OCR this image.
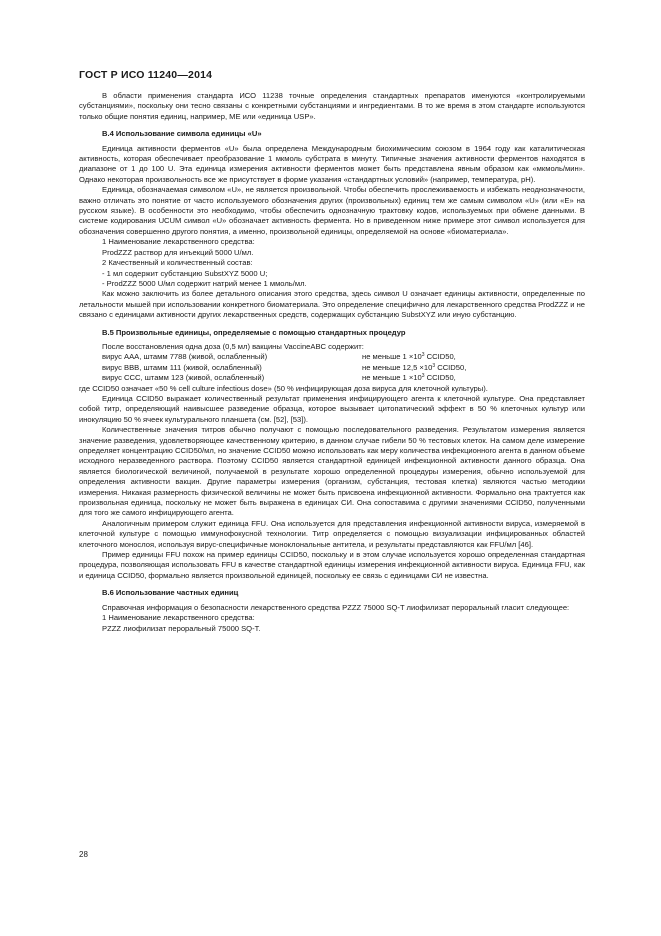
ГОСТ Р ИСО 11240—2014

В области применения стандарта ИСО 11238 точные определения стандартных препаратов именуются «контролируемыми субстанциями», поскольку они тесно связаны с конкретными субстанциями и ингредиентами. В то же время в этом стандарте используются только общие понятия единиц, например, ME или «единица USP».

В.4 Использование символа единицы «U»

Единица активности ферментов «U» была определена Международным биохимическим союзом в 1964 году как каталитическая активность, которая обеспечивает преобразование 1 мкмоль субстрата в минуту. Типичные значения активности ферментов находятся в диапазоне от 1 до 100 U. Эта единица измерения активности ферментов может быть представлена явным образом как «мкмоль/мин». Однако некоторая произвольность все же присутствует в форме указания «стандартных условий» (например, температура, pH).

Единица, обозначаемая символом «U», не является произвольной. Чтобы обеспечить прослеживаемость и избежать неоднозначности, важно отличать это понятие от часто используемого обозначения других (произвольных) единиц тем же самым символом «U» (или «Е» на русском языке). В особенности это необходимо, чтобы обеспечить однозначную трактовку кодов, используемых при обмене данными. В системе кодирования UCUM символ «U» обозначает активность фермента. Но в приведенном ниже примере этот символ используется для обозначения совершенно другого понятия, а именно, произвольной единицы, определяемой на основе «биоматериала».

1 Наименование лекарственного средства:

ProdZZZ раствор для инъекций 5000 U/мл.

2 Качественный и количественный состав:

- 1 мл содержит субстанцию SubstXYZ 5000 U;

- ProdZZZ 5000 U/мл содержит натрий менее 1 ммоль/мл.

Как можно заключить из более детального описания этого средства, здесь символ U означает единицы активности, определенные по летальности мышей при использовании конкретного биоматериала. Это определение специфично для лекарственного средства ProdZZZ и не связано с единицами активности других лекарственных средств, содержащих субстанцию SubstXYZ или иную субстанцию.

В.5 Произвольные единицы, определяемые с помощью стандартных процедур

После восстановления одна доза (0,5 мл) вакцины VaccineABC содержит:

вирус ААА, штамм 7788 (живой, ослабленный)	не меньше $1 \times 10^3$ CCID50,
вирус ВВВ, штамм 111 (живой, ослабленный)	не меньше $12,5 \times 10^3$ CCID50,
вирус ССС, штамм 123 (живой, ослабленный)	не меньше $1 \times 10^3$ CCID50,

где CCID50 означает «50 % cell culture infectious dose» (50 % инфицирующая доза вируса для клеточной культуры).

Единица CCID50 выражает количественный результат применения инфицирующего агента к клеточной культуре. Она представляет собой титр, определяющий наивысшее разведение образца, которое вызывает цитопатический эффект в 50 % клеточных культур или инокуляцию 50 % ячеек культурального планшета (см. [52], [53]).

Количественные значения титров обычно получают с помощью последовательного разведения. Результатом измерения является значение разведения, удовлетворяющее качественному критерию, в данном случае гибели 50 % тестовых клеток. На самом деле измерение определяет концентрацию CCID50/мл, но значение CCID50 можно использовать как меру количества инфекционного агента в данном объеме исходного неразведенного раствора. Поэтому CCID50 является стандартной единицей инфекционной активности данного образца. Она является биологической величиной, получаемой в результате хорошо определенной процедуры измерения, обычно используемой для определения активности вакцин. Другие параметры измерения (организм, субстанция, тестовая клетка) являются частью методики измерения. Никакая размерность физической величины не может быть присвоена инфекционной активности. Формально она трактуется как произвольная единица, поскольку не может быть выражена в единицах СИ. Она сопоставима с другими значениями CCID50, полученными для того же самого инфицирующего агента.

Аналогичным примером служит единица FFU. Она используется для представления инфекционной активности вируса, измеряемой в клеточной культуре с помощью иммунофокусной технологии. Титр определяется с помощью визуализации инфицированных областей клеточного монослоя, используя вирус-специфичные моноклональные антитела, и результаты представляются как FFU/мл [46].

Пример единицы FFU похож на пример единицы CCID50, поскольку и в этом случае используется хорошо определенная стандартная процедура, позволяющая использовать FFU в качестве стандартной единицы измерения инфекционной активности вируса. Единица FFU, как и единица CCID50, формально является произвольной единицей, поскольку ее связь с единицами СИ не известна.

В.6 Использование частных единиц

Справочная информация о безопасности лекарственного средства PZZZ 75000 SQ-T лиофилизат пероральный гласит следующее:

1 Наименование лекарственного средства:

PZZZ лиофилизат пероральный 75000 SQ-T.

28
